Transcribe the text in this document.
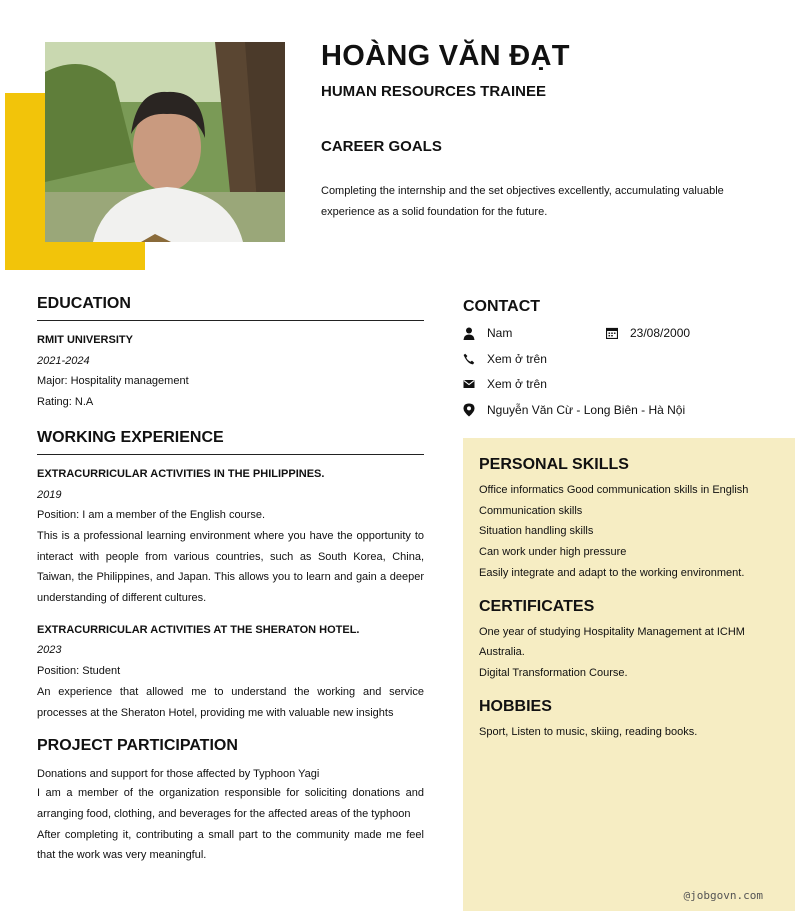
HOÀNG VĂN ĐẠT
HUMAN RESOURCES TRAINEE
CAREER GOALS

Completing the internship and the set objectives excellently, accumulating valuable experience as a solid foundation for the future.

EDUCATION

RMIT UNIVERSITY

2021-2024

Major: Hospitality management

Rating: N.A

WORKING EXPERIENCE

EXTRACURRICULAR ACTIVITIES IN THE PHILIPPINES.

2019

Position: I am a member of the English course.

This is a professional learning environment where you have the opportunity to interact with people from various countries, such as South Korea, China, Taiwan, the Philippines, and Japan. This allows you to learn and gain a deeper understanding of different cultures.

EXTRACURRICULAR ACTIVITIES AT THE SHERATON HOTEL.

2023

Position: Student

An experience that allowed me to understand the working and service processes at the Sheraton Hotel, providing me with valuable new insights

PROJECT PARTICIPATION

Donations and support for those affected by Typhoon Yagi

I am a member of the organization responsible for soliciting donations and arranging food, clothing, and beverages for the affected areas of the typhoon

After completing it, contributing a small part to the community made me feel that the work was very meaningful.

CONTACT
Nam	23/08/2000
Xem ở trên
Xem ở trên
Nguyễn Văn Cừ - Long Biên - Hà Nội
PERSONAL SKILLS

Office informatics Good communication skills in English

Communication skills

Situation handling skills

Can work under high pressure

Easily integrate and adapt to the working environment.

CERTIFICATES

One year of studying Hospitality Management at ICHM Australia.

Digital Transformation Course.

HOBBIES

Sport, Listen to music, skiing, reading books.

@jobgovn.com
